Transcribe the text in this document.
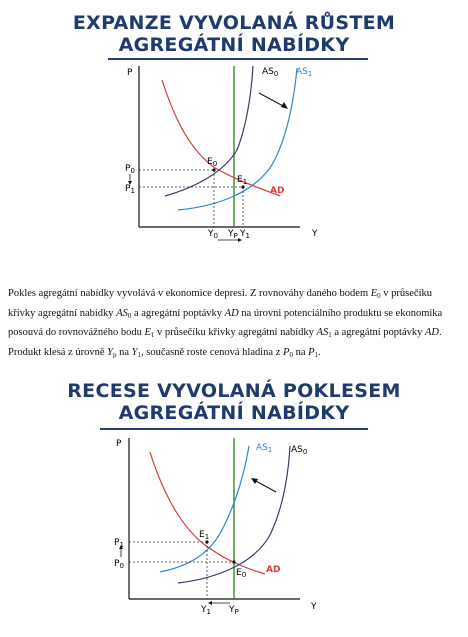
EXPANZE VYVOLANÁ RŮSTEM
AGREGÁTNÍ NABÍDKY
P
Y
$AS_0$ $AS_1$
AD
$E_0$
$E_1$
$P_0$
$P_1$
$Y_0$ $Y_P$ $Y_1$
Pokles agregátní nabídky vyvolává v ekonomice depresi. Z rovnováhy daného bodem $E_0$ v průsečíku křivky agregátní nabídky $AS_0$ a agregátní poptávky AD na úrovni potenciálního produktu se ekonomika posouvá do rovnovážného bodu $E_1$ v průsečíku křivky agregátní nabídky $AS_1$ a agregátní poptávky AD. Produkt klesá z úrovně $Y_p$ na $Y_1$, současně roste cenová hladina z $P_0$ na $P_1$.
RECESE VYVOLANÁ POKLESEM
AGREGÁTNÍ NABÍDKY
P
Y
$AS_1$ $AS_0$
AD
$E_1$
$E_0$
$P_1$
$P_0$
$Y_1$ $Y_P$
